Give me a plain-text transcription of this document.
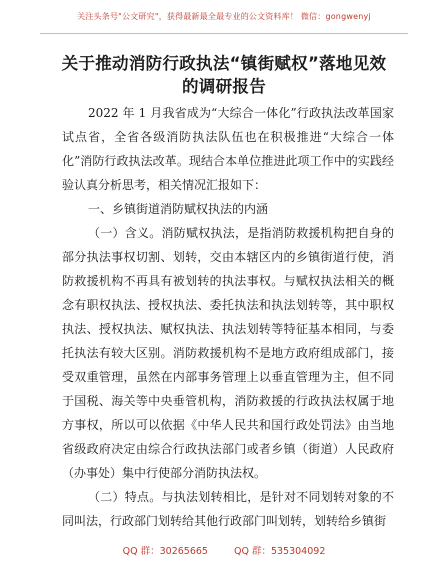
关注头条号"公文研究"，获得最新最全最专业的公文资料库！ 微信：gongwenyj
关于推动消防行政执法“镇街赋权”落地见效
的调研报告

2022 年 1 月我省成为“大综合一体化”行政执法改革国家试点省，全省各级消防执法队伍也在积极推进“大综合一体化”消防行政执法改革。现结合本单位推进此项工作中的实践经验认真分析思考，相关情况汇报如下：

一、乡镇街道消防赋权执法的内涵

（一）含义。消防赋权执法，是指消防救援机构把自身的部分执法事权切割、划转，交由本辖区内的乡镇街道行使，消防救援机构不再具有被划转的执法事权。与赋权执法相关的概念有职权执法、授权执法、委托执法和执法划转等，其中职权执法、授权执法、赋权执法、执法划转等特征基本相同，与委托执法有较大区别。消防救援机构不是地方政府组成部门，接受双重管理，虽然在内部事务管理上以垂直管理为主，但不同于国税、海关等中央垂管机构，消防救援的行政执法权属于地方事权，所以可以依据《中华人民共和国行政处罚法》由当地省级政府决定由综合行政执法部门或者乡镇（街道）人民政府（办事处）集中行使部分消防执法权。

（二）特点。与执法划转相比，是针对不同划转对象的不同叫法，行政部门划转给其他行政部门叫划转，划转给乡镇街

QQ 群：30265665	QQ 群：535304092
